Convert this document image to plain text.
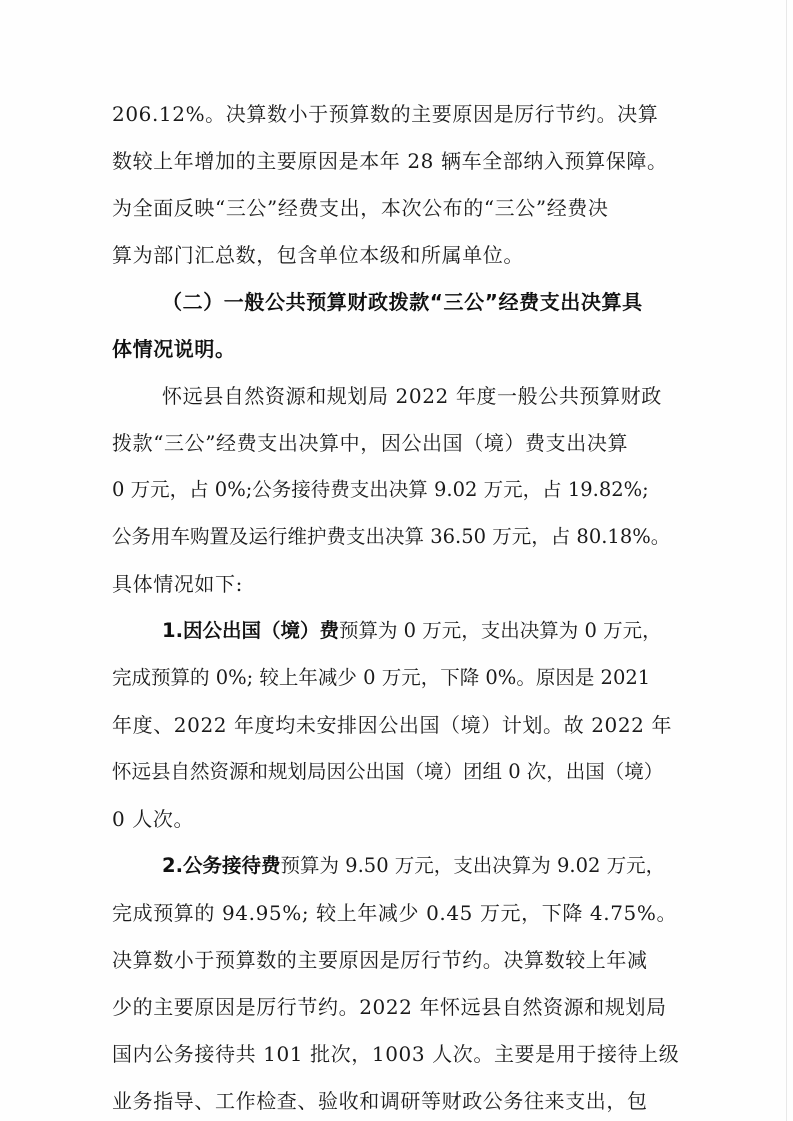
206.12%。决算数小于预算数的主要原因是厉行节约。决算
数较上年增加的主要原因是本年 28 辆车全部纳入预算保障。
为全面反映“三公”经费支出，本次公布的“三公”经费决
算为部门汇总数，包含单位本级和所属单位。
（二）一般公共预算财政拨款“三公”经费支出决算具
体情况说明。
怀远县自然资源和规划局 2022 年度一般公共预算财政
拨款“三公”经费支出决算中，因公出国（境）费支出决算
0 万元，占 0%;公务接待费支出决算 9.02 万元，占 19.82%;
公务用车购置及运行维护费支出决算 36.50 万元，占 80.18%。
具体情况如下:
1.因公出国（境）费预算为 0 万元，支出决算为 0 万元，
完成预算的 0%; 较上年减少 0 万元，下降 0%。原因是 2021
年度、2022 年度均未安排因公出国（境）计划。故 2022 年
怀远县自然资源和规划局因公出国（境）团组 0 次，出国（境）
0 人次。
2.公务接待费预算为 9.50 万元，支出决算为 9.02 万元，
完成预算的 94.95%; 较上年减少 0.45 万元，下降 4.75%。
决算数小于预算数的主要原因是厉行节约。决算数较上年减
少的主要原因是厉行节约。2022 年怀远县自然资源和规划局
国内公务接待共 101 批次，1003 人次。主要是用于接待上级
业务指导、工作检查、验收和调研等财政公务往来支出，包
